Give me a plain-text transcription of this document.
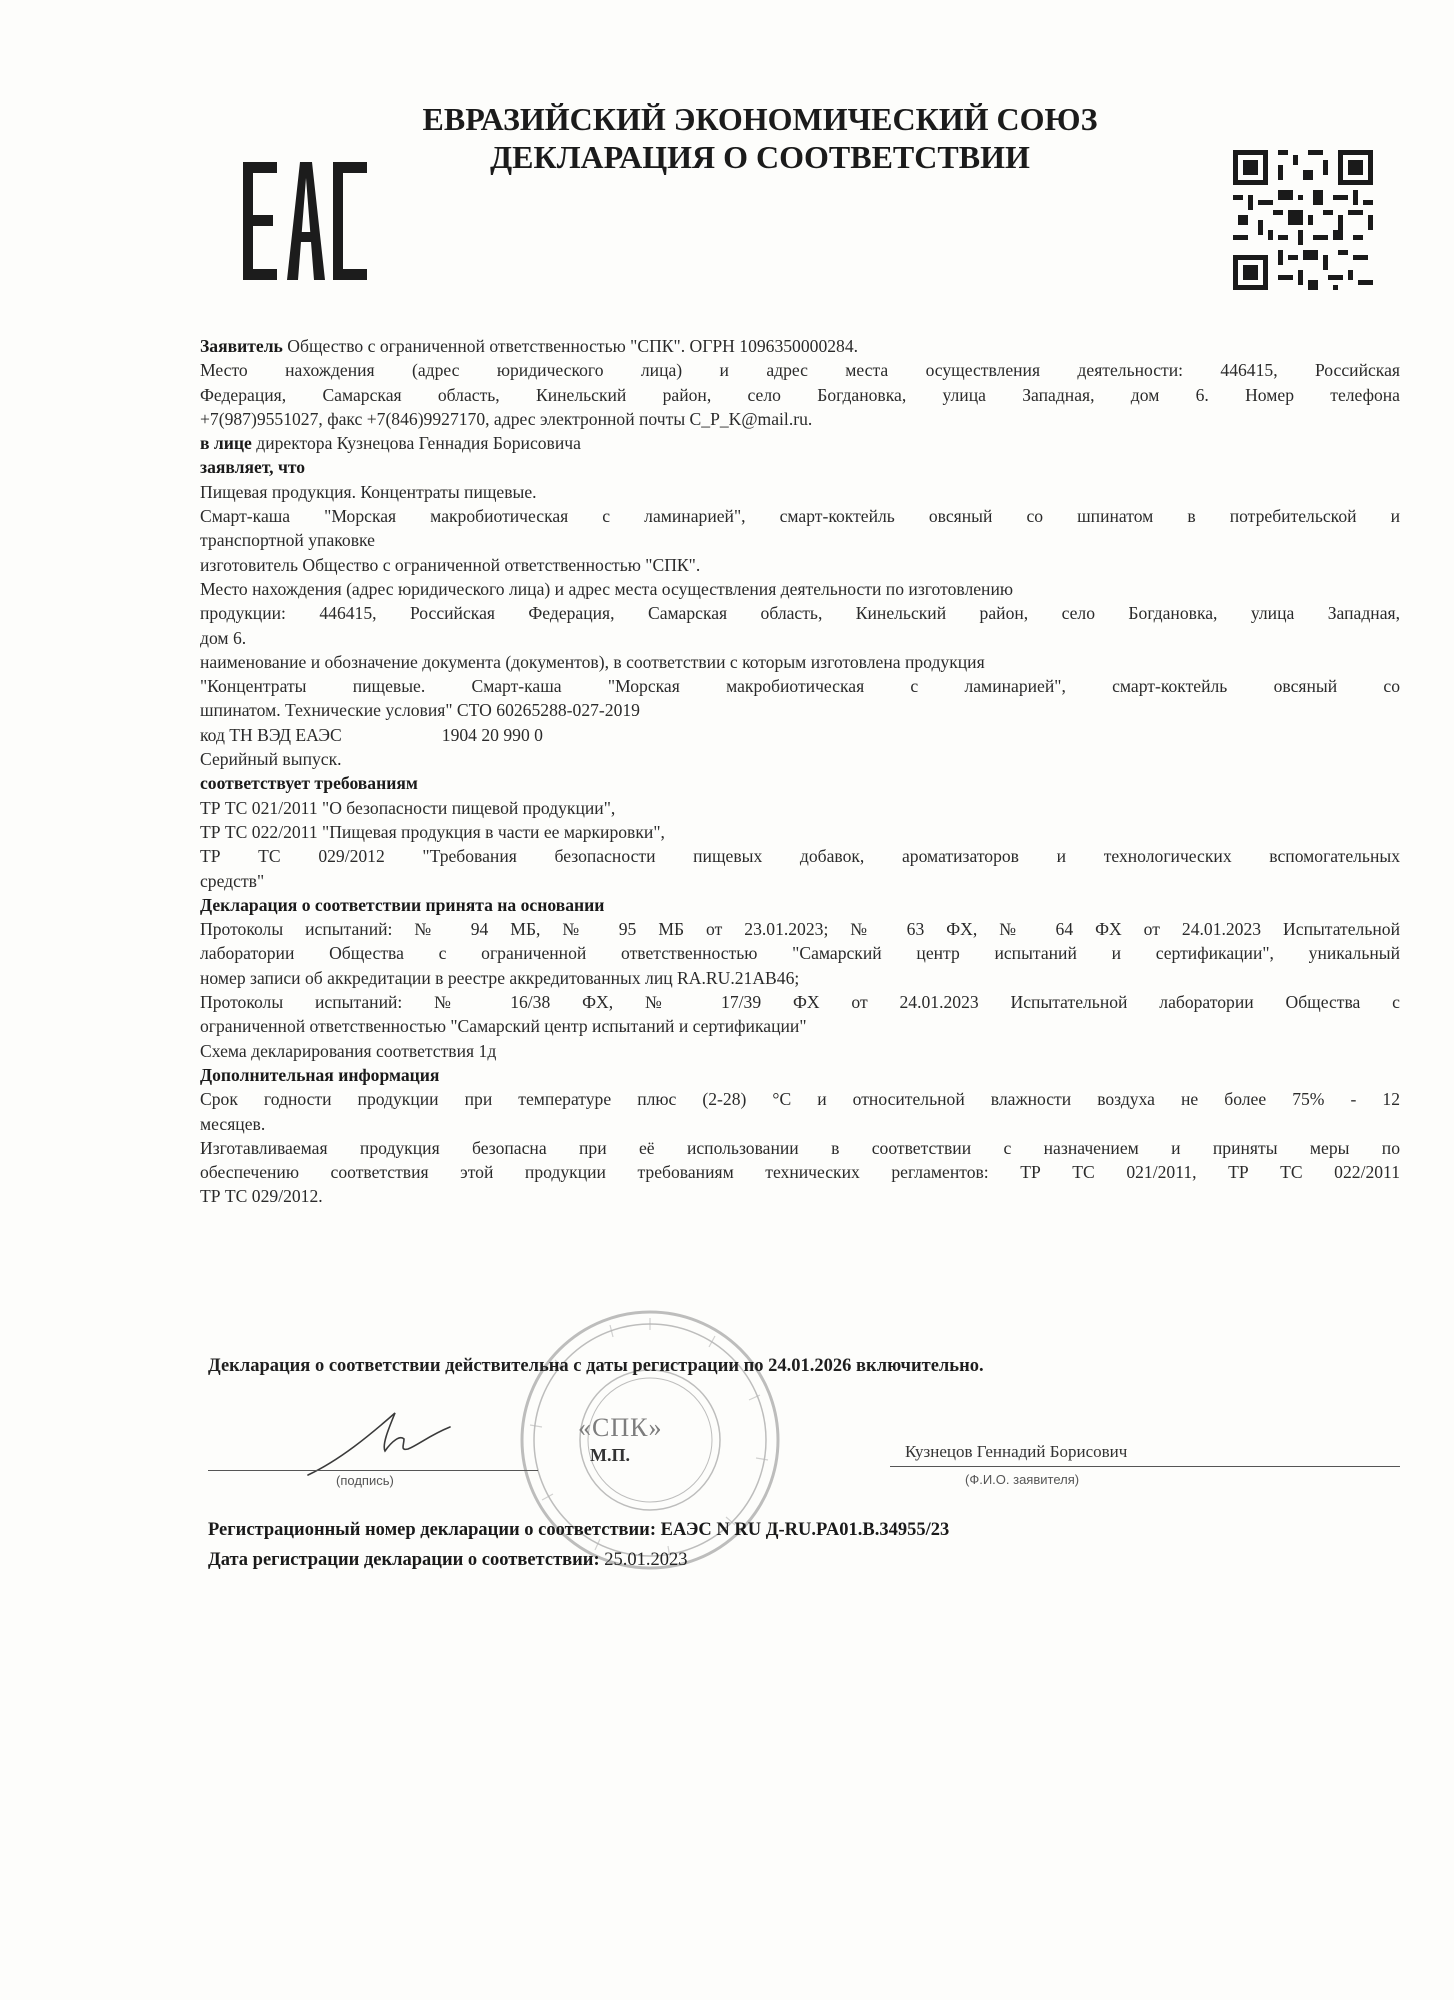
ЕВРАЗИЙСКИЙ ЭКОНОМИЧЕСКИЙ СОЮЗ
ДЕКЛАРАЦИЯ О СООТВЕТСТВИИ
Заявитель Общество с ограниченной ответственностью "СПК". ОГРН 1096350000284.
Место нахождения (адрес юридического лица) и адрес места осуществления деятельности: 446415, Российская
Федерация, Самарская область, Кинельский район, село Богдановка, улица Западная, дом 6. Номер телефона
+7(987)9551027, факс +7(846)9927170, адрес электронной почты C_P_K@mail.ru.
в лице директора Кузнецова Геннадия Борисовича
заявляет, что
Пищевая продукция. Концентраты пищевые.
Смарт-каша "Морская макробиотическая с ламинарией", смарт-коктейль овсяный со шпинатом в потребительской и
транспортной упаковке
изготовитель Общество с ограниченной ответственностью "СПК".
Место нахождения (адрес юридического лица) и адрес места осуществления деятельности по изготовлению
продукции: 446415, Российская Федерация, Самарская область, Кинельский район, село Богдановка, улица Западная,
дом 6.
наименование и обозначение документа (документов), в соответствии с которым изготовлена продукция
"Концентраты пищевые. Смарт-каша "Морская макробиотическая с ламинарией", смарт-коктейль овсяный со
шпинатом. Технические условия" СТО 60265288-027-2019
код ТН ВЭД ЕАЭС	1904 20 990 0
Серийный выпуск.
соответствует требованиям
ТР ТС 021/2011 "О безопасности пищевой продукции",
ТР ТС 022/2011 "Пищевая продукция в части ее маркировки",
ТР ТС 029/2012 "Требования безопасности пищевых добавок, ароматизаторов и технологических вспомогательных
средств"
Декларация о соответствии принята на основании
Протоколы испытаний: № 94 МБ, № 95 МБ от 23.01.2023; № 63 ФХ, № 64 ФХ от 24.01.2023 Испытательной
лаборатории Общества с ограниченной ответственностью "Самарский центр испытаний и сертификации", уникальный
номер записи об аккредитации в реестре аккредитованных лиц RA.RU.21AB46;
Протоколы испытаний: № 16/38 ФХ, № 17/39 ФХ от 24.01.2023 Испытательной лаборатории Общества с
ограниченной ответственностью "Самарский центр испытаний и сертификации"
Схема декларирования соответствия 1д
Дополнительная информация
Срок годности продукции при температуре плюс (2-28) °С и относительной влажности воздуха не более 75% - 12
месяцев.
Изготавливаемая продукция безопасна при её использовании в соответствии с назначением и приняты меры по
обеспечению соответствия этой продукции требованиям технических регламентов: ТР ТС 021/2011, ТР ТС 022/2011
ТР ТС 029/2012.
«СПК»
М.П.
Декларация о соответствии действительна с даты регистрации по 24.01.2026 включительно.
(подпись)
Кузнецов Геннадий Борисович
(Ф.И.О. заявителя)
Регистрационный номер декларации о соответствии: ЕАЭС N RU Д-RU.PA01.B.34955/23
Дата регистрации декларации о соответствии: 25.01.2023
